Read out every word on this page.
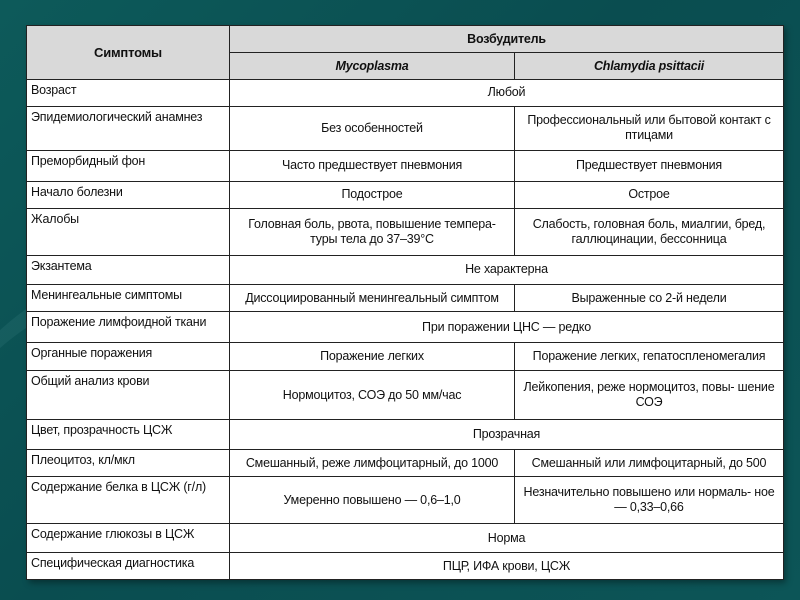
Симптомы	Возбудитель	
	Mycoplasma	Chlamydia psittacii
Возраст	Любой	
Эпидемиологический анамнез	Без особенностей	Профессиональный или бытовой контакт с птицами
Преморбидный фон	Часто предшествует пневмония	Предшествует пневмония
Начало болезни	Подострое	Острое
Жалобы	Головная боль, рвота, повышение темпера- туры тела до 37–39°С	Слабость, головная боль, миалгии, бред, галлюцинации, бессонница
Экзантема	Не характерна	
Менингеальные симптомы	Диссоциированный менингеальный симптом	Выраженные со 2-й недели
Поражение лимфоидной ткани	При поражении ЦНС — редко	
Органные поражения	Поражение легких	Поражение легких, гепатоспленомегалия
Общий анализ крови	Нормоцитоз, СОЭ до 50 мм/час	Лейкопения, реже нормоцитоз, повы- шение СОЭ
Цвет, прозрачность ЦСЖ	Прозрачная	
Плеоцитоз, кл/мкл	Смешанный, реже лимфоцитарный, до 1000	Смешанный или лимфоцитарный, до 500
Содержание белка в ЦСЖ (г/л)	Умеренно повышено — 0,6–1,0	Незначительно повышено или нормаль- ное — 0,33–0,66
Содержание глюкозы в ЦСЖ	Норма	
Специфическая диагностика	ПЦР, ИФА крови, ЦСЖ	
